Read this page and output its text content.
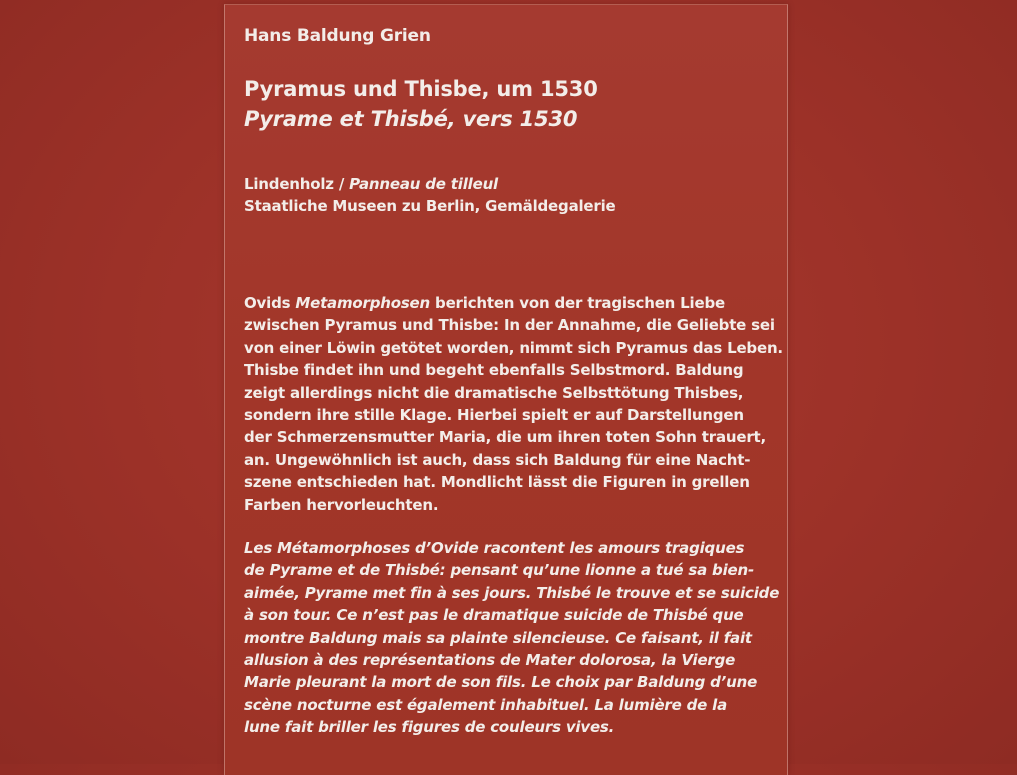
Hans Baldung Grien
Pyramus und Thisbe, um 1530
Pyrame et Thisbé, vers 1530
Lindenholz / Panneau de tilleul
Staatliche Museen zu Berlin, Gemäldegalerie
Ovids Metamorphosen berichten von der tragischen Liebe
zwischen Pyramus und Thisbe: In der Annahme, die Geliebte sei
von einer Löwin getötet worden, nimmt sich Pyramus das Leben.
Thisbe findet ihn und begeht ebenfalls Selbstmord. Baldung
zeigt allerdings nicht die dramatische Selbsttötung Thisbes,
sondern ihre stille Klage. Hierbei spielt er auf Darstellungen
der Schmerzensmutter Maria, die um ihren toten Sohn trauert,
an. Ungewöhnlich ist auch, dass sich Baldung für eine Nacht-
szene entschieden hat. Mondlicht lässt die Figuren in grellen
Farben hervorleuchten.
Les Métamorphoses d’Ovide racontent les amours tragiques
de Pyrame et de Thisbé: pensant qu’une lionne a tué sa bien-
aimée, Pyrame met fin à ses jours. Thisbé le trouve et se suicide
à son tour. Ce n’est pas le dramatique suicide de Thisbé que
montre Baldung mais sa plainte silencieuse. Ce faisant, il fait
allusion à des représentations de Mater dolorosa, la Vierge
Marie pleurant la mort de son fils. Le choix par Baldung d’une
scène nocturne est également inhabituel. La lumière de la
lune fait briller les figures de couleurs vives.
